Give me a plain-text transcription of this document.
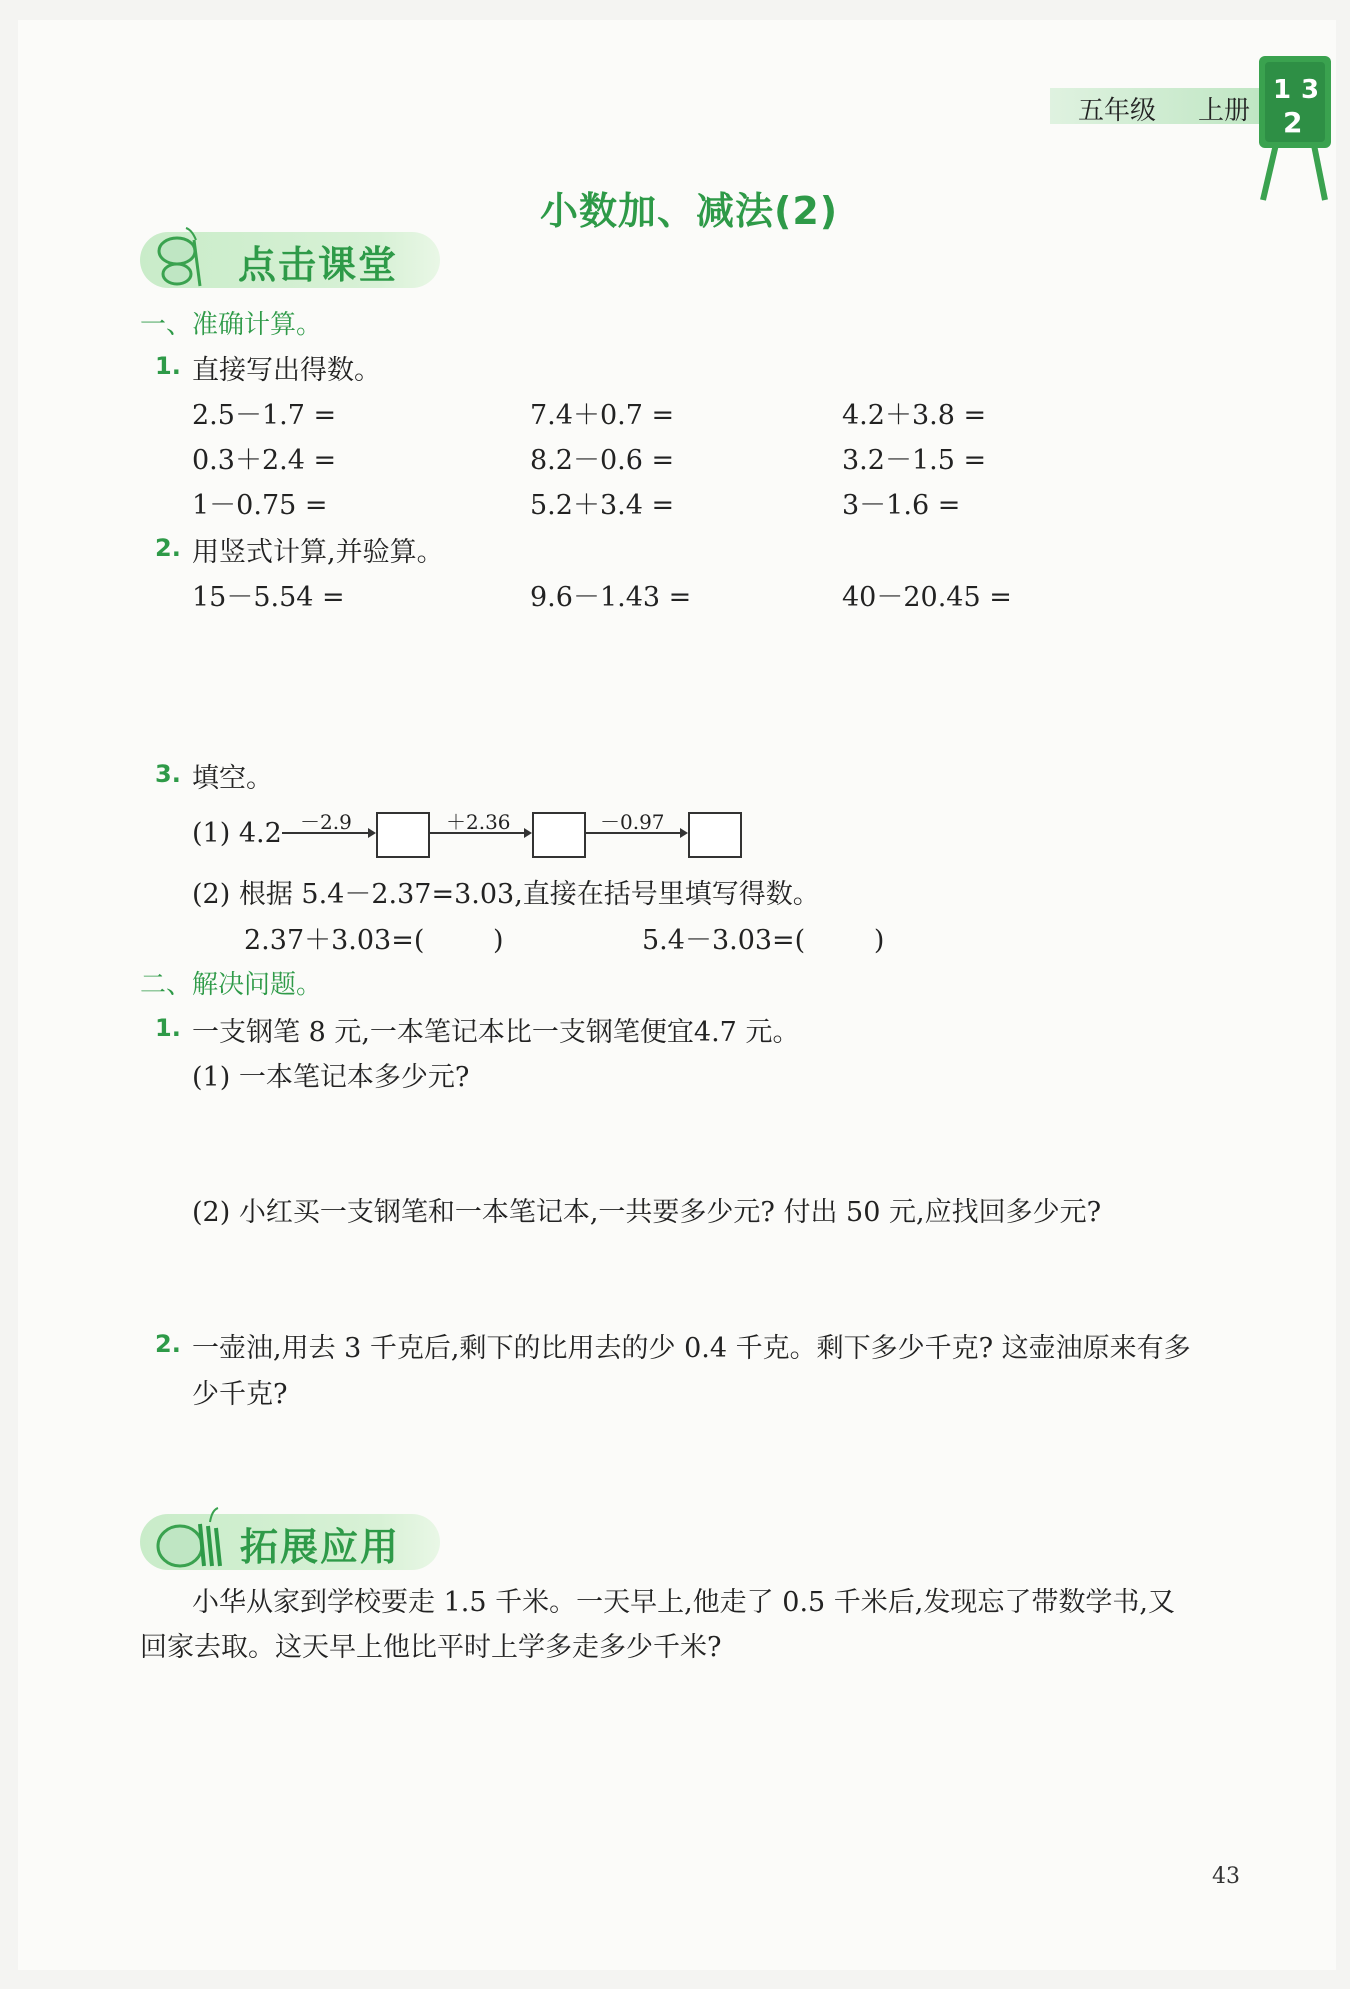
五年级 上册
1 3
2
小数加、减法(2)
点击课堂
一、准确计算。
1. 直接写出得数。
2.5－1.7 =	7.4＋0.7 =	4.2＋3.8 =
0.3＋2.4 =	8.2－0.6 =	3.2－1.5 =
1－0.75 =	5.2＋3.4 =	3－1.6 =
2. 用竖式计算,并验算。
15－5.54 =	9.6－1.43 =	40－20.45 =
3. 填空。
(1) 4.2 －2.9	＋2.36	－0.97
(2) 根据 5.4－2.37=3.03,直接在括号里填写得数。
2.37＋3.03=(        )	5.4－3.03=(        )
二、解决问题。
1. 一支钢笔 8 元,一本笔记本比一支钢笔便宜4.7 元。
(1) 一本笔记本多少元?
(2) 小红买一支钢笔和一本笔记本,一共要多少元? 付出 50 元,应找回多少元?
2. 一壶油,用去 3 千克后,剩下的比用去的少 0.4 千克。剩下多少千克? 这壶油原来有多
少千克?
拓展应用
小华从家到学校要走 1.5 千米。一天早上,他走了 0.5 千米后,发现忘了带数学书,又
回家去取。这天早上他比平时上学多走多少千米?
43
